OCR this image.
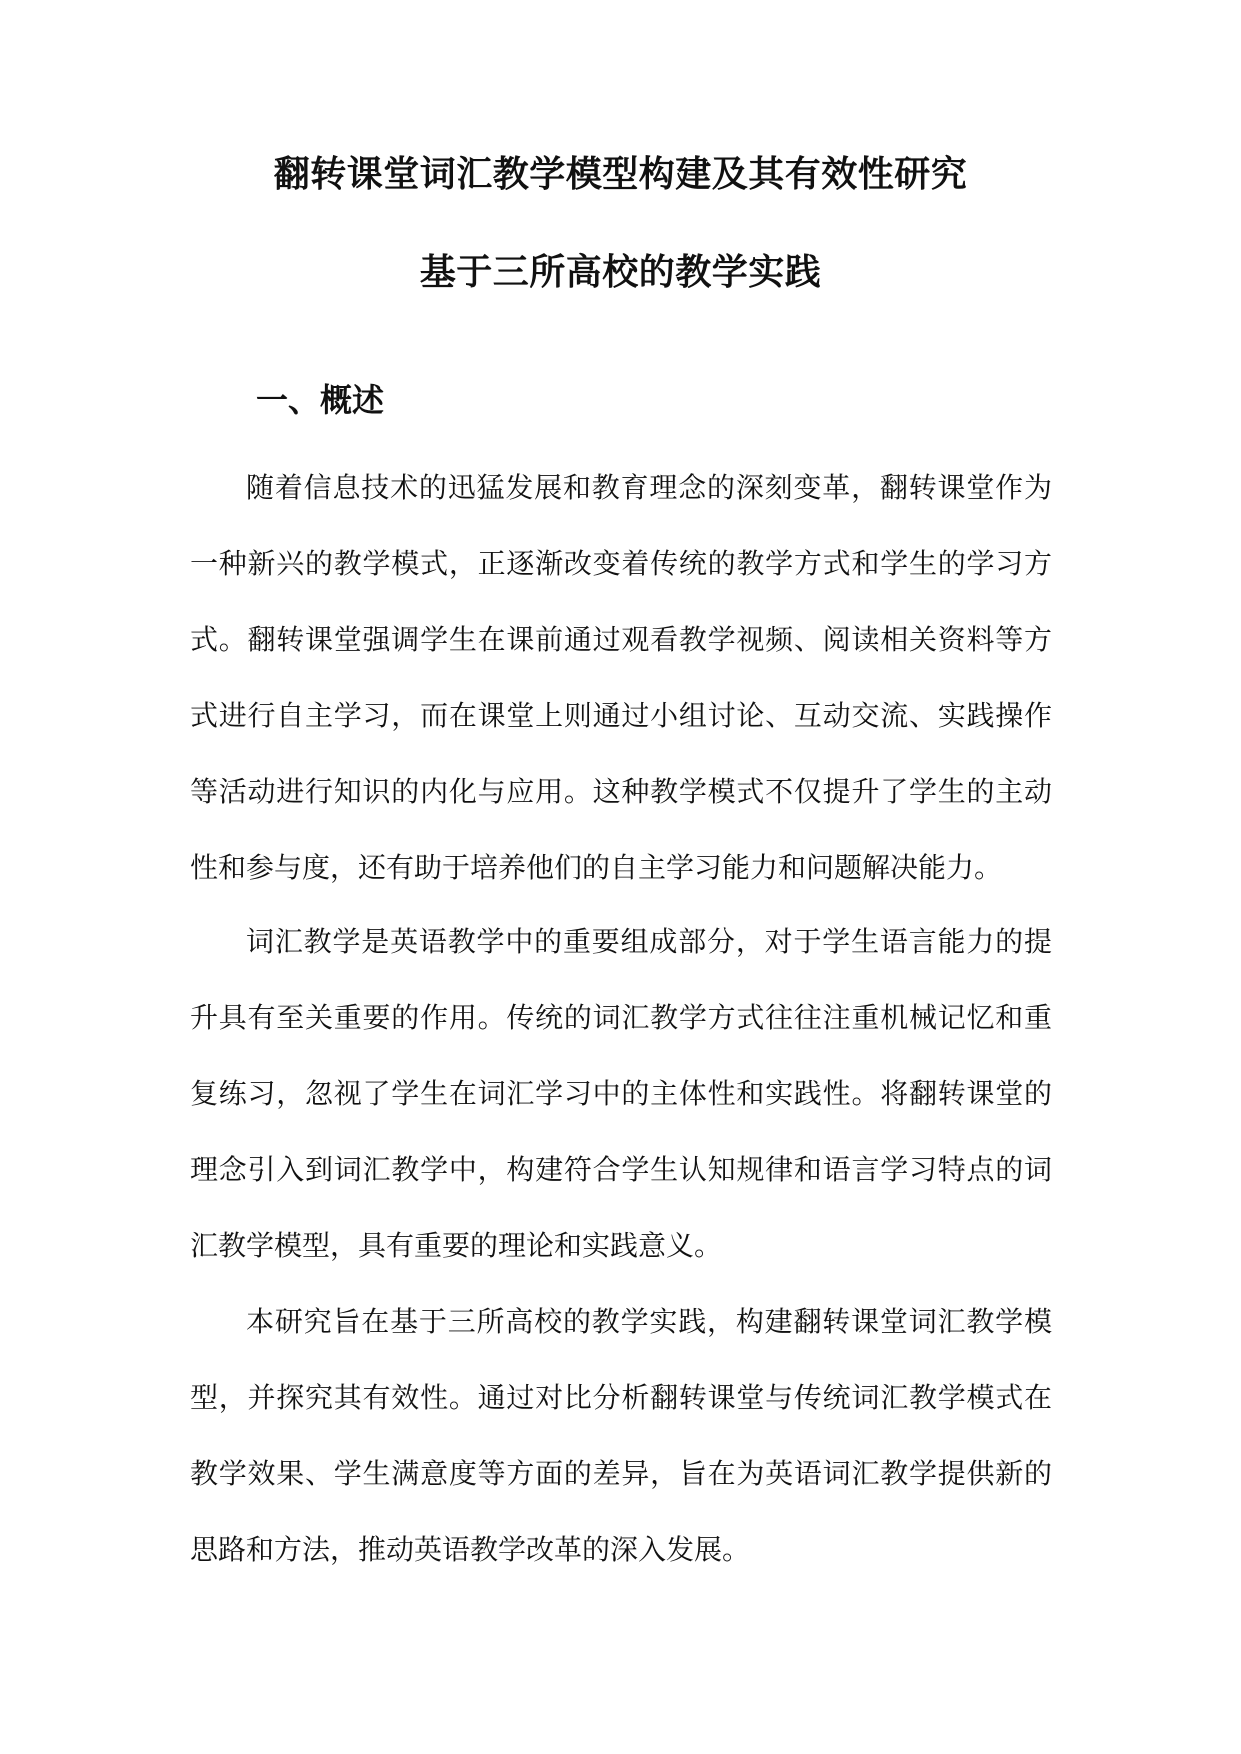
翻转课堂词汇教学模型构建及其有效性研究
基于三所高校的教学实践
一、概述

随着信息技术的迅猛发展和教育理念的深刻变革，翻转课堂作为一种新兴的教学模式，正逐渐改变着传统的教学方式和学生的学习方式。翻转课堂强调学生在课前通过观看教学视频、阅读相关资料等方式进行自主学习，而在课堂上则通过小组讨论、互动交流、实践操作等活动进行知识的内化与应用。这种教学模式不仅提升了学生的主动性和参与度，还有助于培养他们的自主学习能力和问题解决能力。

词汇教学是英语教学中的重要组成部分，对于学生语言能力的提升具有至关重要的作用。传统的词汇教学方式往往注重机械记忆和重复练习，忽视了学生在词汇学习中的主体性和实践性。将翻转课堂的理念引入到词汇教学中，构建符合学生认知规律和语言学习特点的词汇教学模型，具有重要的理论和实践意义。

本研究旨在基于三所高校的教学实践，构建翻转课堂词汇教学模型，并探究其有效性。通过对比分析翻转课堂与传统词汇教学模式在教学效果、学生满意度等方面的差异，旨在为英语词汇教学提供新的思路和方法，推动英语教学改革的深入发展。
